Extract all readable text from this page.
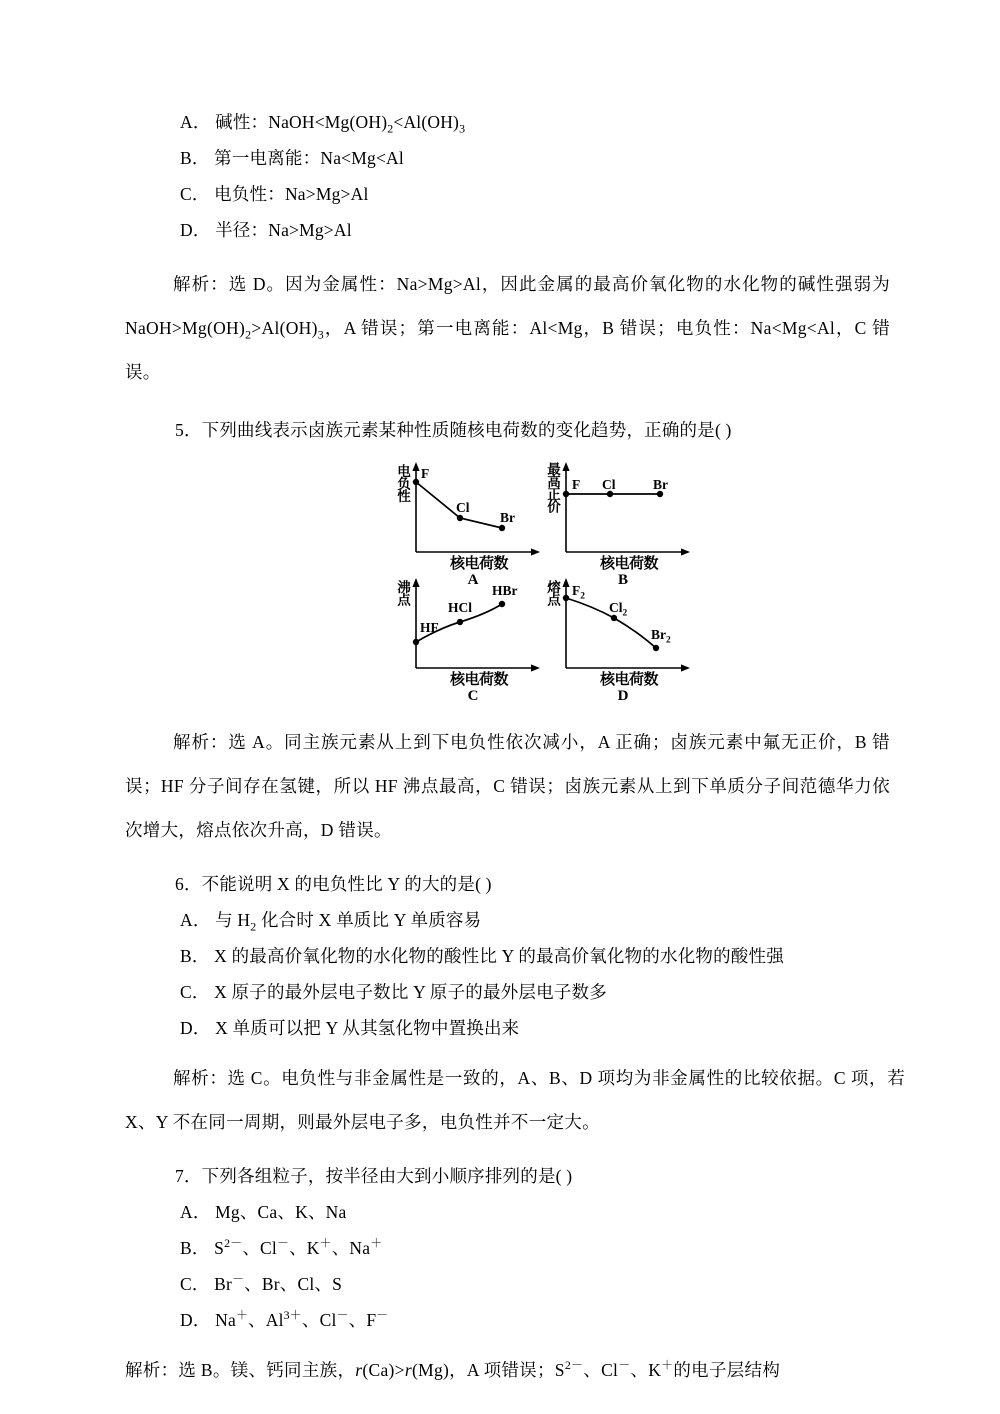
A． 碱性：$NaOH<Mg(OH)_2<Al(OH)_3$
B． 第一电离能：Na<Mg<Al
C． 电负性：Na>Mg>Al
D． 半径：Na>Mg>Al

解析：选 D。因为金属性：Na>Mg>Al，因此金属的最高价氧化物的水化物的碱性强弱为 $NaOH>Mg(OH)_2>Al(OH)_3$，A 错误；第一电离能：Al<Mg，B 错误；电负性：Na<Mg<Al，C 错误。

5．下列曲线表示卤族元素某种性质随核电荷数的变化趋势，正确的是( )
电负性 F
Cl
Br
核电荷数
A
最高正价 F Cl	Br
核电荷数
B
沸点
HF
HCl
HBr
核电荷数
C
熔点 $F_2$
$Cl_2$
$Br_2$
核电荷数
D

解析：选 A。同主族元素从上到下电负性依次减小，A 正确；卤族元素中氟无正价，B 错误；HF 分子间存在氢键，所以 HF 沸点最高，C 错误；卤族元素从上到下单质分子间范德华力依次增大，熔点依次升高，D 错误。

6．不能说明 X 的电负性比 Y 的大的是( )
A． 与 $H_2$ 化合时 X 单质比 Y 单质容易
B． X 的最高价氧化物的水化物的酸性比 Y 的最高价氧化物的水化物的酸性强
C． X 原子的最外层电子数比 Y 原子的最外层电子数多
D． X 单质可以把 Y 从其氢化物中置换出来

解析：选 C。电负性与非金属性是一致的，A、B、D 项均为非金属性的比较依据。C 项，若 X、Y 不在同一周期，则最外层电子多，电负性并不一定大。

7．下列各组粒子，按半径由大到小顺序排列的是( )
A． Mg、Ca、K、Na
B． $S^{2-}$、Cl－、K＋、Na＋
C． Br－、Br、Cl、S
D． Na＋、$Al^{3+}$、Cl－、F－

解析：选 B。镁、钙同主族，r(Ca)>r(Mg)，A 项错误；$S^{2-}$、Cl－、K＋的电子层结构
